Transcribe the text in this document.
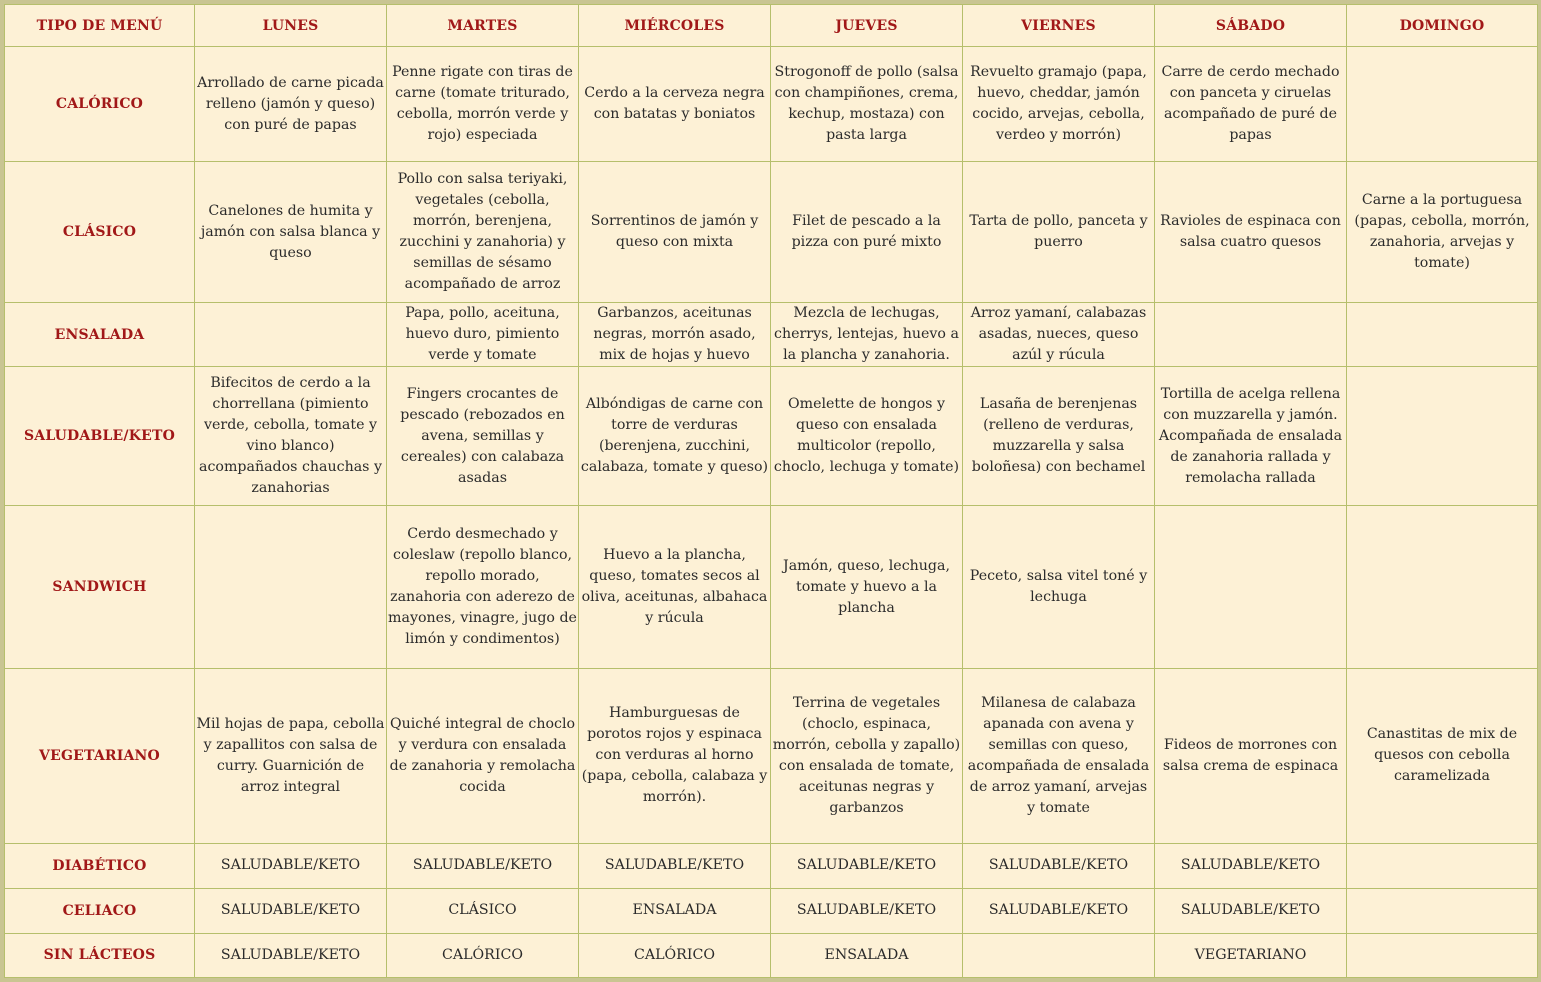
TIPO DE MENÚ	LUNES	MARTES	MIÉRCOLES	JUEVES	VIERNES	SÁBADO	DOMINGO
CALÓRICO	Arrollado de carne picada relleno (jamón y queso) con puré de papas	Penne rigate con tiras de carne (tomate triturado, cebolla, morrón verde y rojo) especiada	Cerdo a la cerveza negra con batatas y boniatos	Strogonoff de pollo (salsa con champiñones, crema, kechup, mostaza) con pasta larga	Revuelto gramajo (papa, huevo, cheddar, jamón cocido, arvejas, cebolla, verdeo y morrón)	Carre de cerdo mechado con panceta y ciruelas acompañado de puré de papas	
CLÁSICO	Canelones de humita y jamón con salsa blanca y queso	Pollo con salsa teriyaki, vegetales (cebolla, morrón, berenjena, zucchini y zanahoria) y semillas de sésamo acompañado de arroz	Sorrentinos de jamón y queso con mixta	Filet de pescado a la pizza con puré mixto	Tarta de pollo, panceta y puerro	Ravioles de espinaca con salsa cuatro quesos	Carne a la portuguesa (papas, cebolla, morrón, zanahoria, arvejas y tomate)
ENSALADA		Papa, pollo, aceituna, huevo duro, pimiento verde y tomate	Garbanzos, aceitunas negras, morrón asado, mix de hojas y huevo	Mezcla de lechugas, cherrys, lentejas, huevo a la plancha y zanahoria.	Arroz yamaní, calabazas asadas, nueces, queso azúl y rúcula		
SALUDABLE/KETO	Bifecitos de cerdo a la chorrellana (pimiento verde, cebolla, tomate y vino blanco) acompañados chauchas y zanahorias	Fingers crocantes de pescado (rebozados en avena, semillas y cereales) con calabaza asadas	Albóndigas de carne con torre de verduras (berenjena, zucchini, calabaza, tomate y queso)	Omelette de hongos y queso con ensalada multicolor (repollo, choclo, lechuga y tomate)	Lasaña de berenjenas (relleno de verduras, muzzarella y salsa boloñesa) con bechamel	Tortilla de acelga rellena con muzzarella y jamón. Acompañada de ensalada de zanahoria rallada y remolacha rallada	
SANDWICH		Cerdo desmechado y coleslaw (repollo blanco, repollo morado, zanahoria con aderezo de mayones, vinagre, jugo de limón y condimentos)	Huevo a la plancha, queso, tomates secos al oliva, aceitunas, albahaca y rúcula	Jamón, queso, lechuga, tomate y huevo a la plancha	Peceto, salsa vitel toné y lechuga		
VEGETARIANO	Mil hojas de papa, cebolla y zapallitos con salsa de curry. Guarnición de arroz integral	Quiché integral de choclo y verdura con ensalada de zanahoria y remolacha cocida	Hamburguesas de porotos rojos y espinaca con verduras al horno (papa, cebolla, calabaza y morrón).	Terrina de vegetales (choclo, espinaca, morrón, cebolla y zapallo) con ensalada de tomate, aceitunas negras y garbanzos	Milanesa de calabaza apanada con avena y semillas con queso, acompañada de ensalada de arroz yamaní, arvejas y tomate	Fideos de morrones con salsa crema de espinaca	Canastitas de mix de quesos con cebolla caramelizada
DIABÉTICO	SALUDABLE/KETO	SALUDABLE/KETO	SALUDABLE/KETO	SALUDABLE/KETO	SALUDABLE/KETO	SALUDABLE/KETO	
CELIACO	SALUDABLE/KETO	CLÁSICO	ENSALADA	SALUDABLE/KETO	SALUDABLE/KETO	SALUDABLE/KETO	
SIN LÁCTEOS	SALUDABLE/KETO	CALÓRICO	CALÓRICO	ENSALADA		VEGETARIANO	
